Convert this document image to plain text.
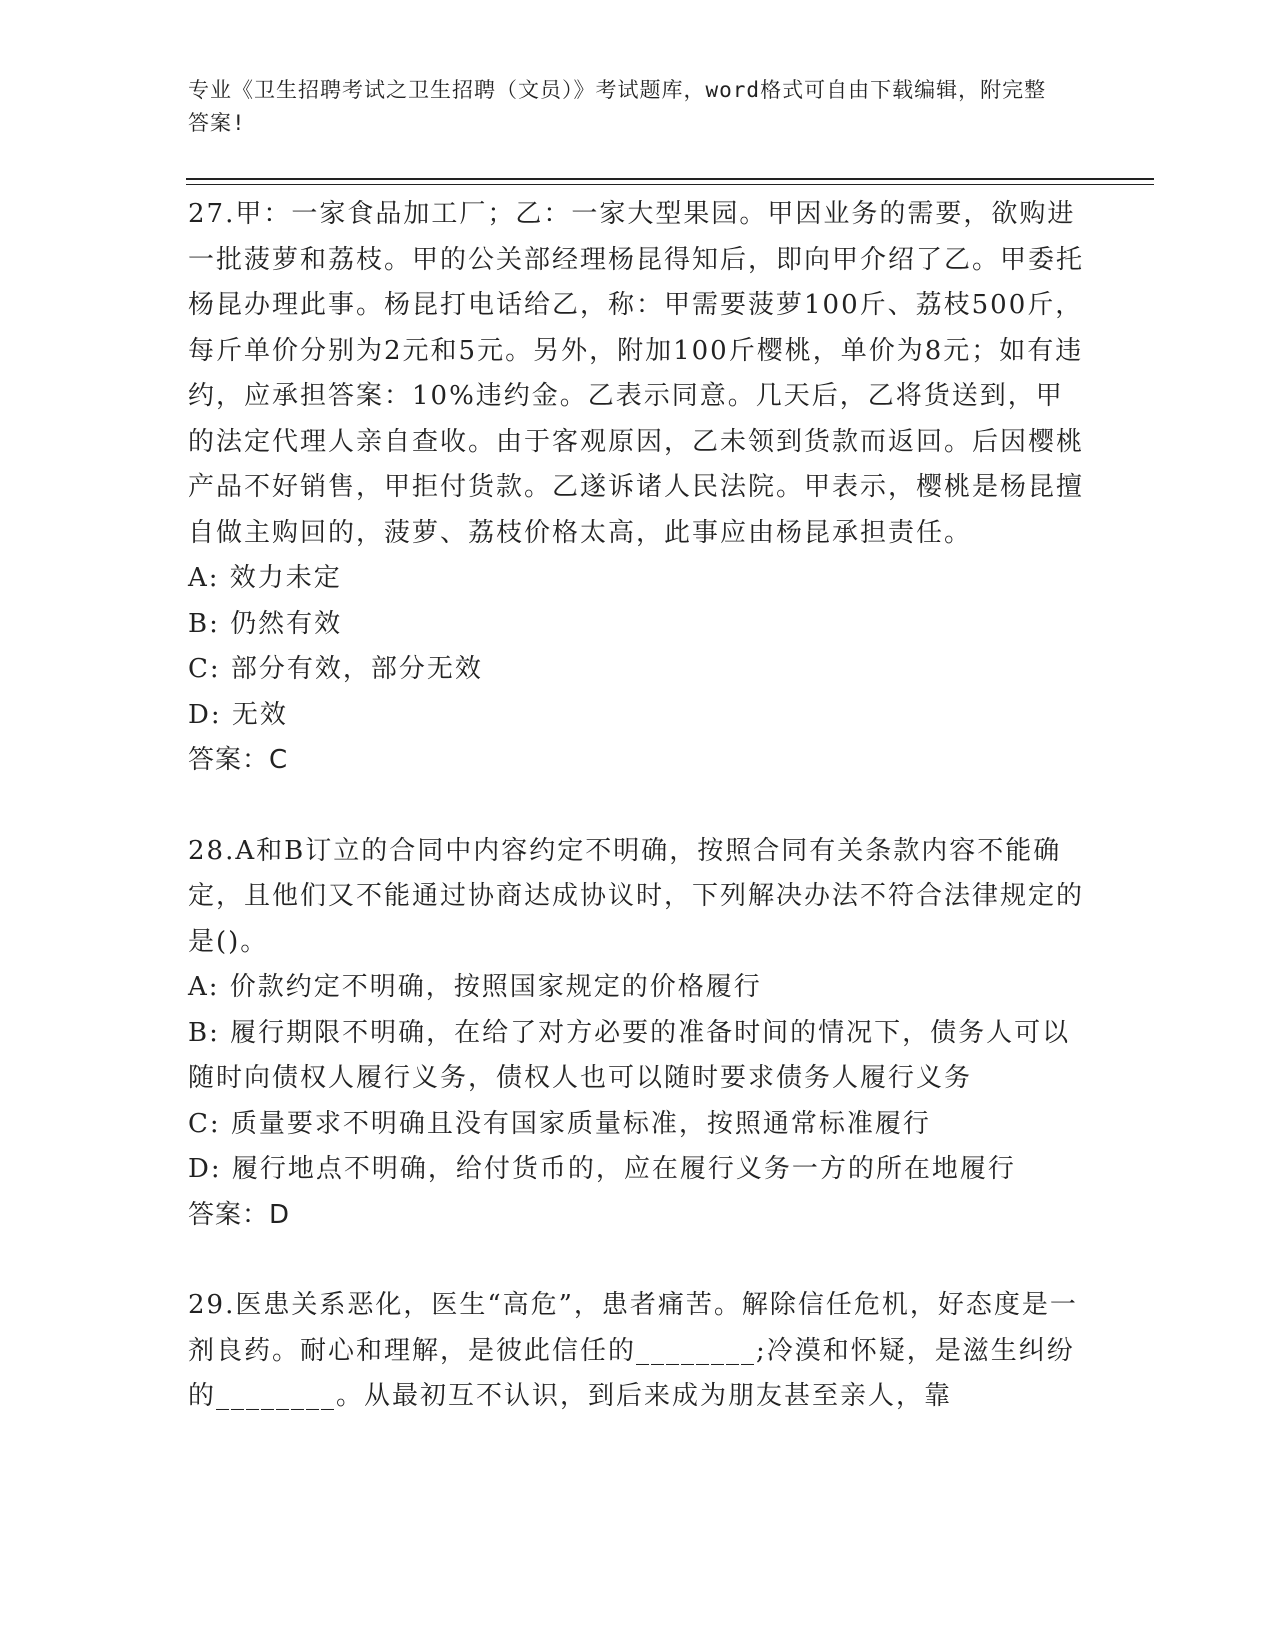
专业《卫生招聘考试之卫生招聘（文员）》考试题库，word格式可自由下载编辑，附完整答案!

27.甲：一家食品加工厂；乙：一家大型果园。甲因业务的需要，欲购进一批菠萝和荔枝。甲的公关部经理杨昆得知后，即向甲介绍了乙。甲委托杨昆办理此事。杨昆打电话给乙，称：甲需要菠萝100斤、荔枝500斤，每斤单价分别为2元和5元。另外，附加100斤樱桃，单价为8元；如有违约，应承担答案：10%违约金。乙表示同意。几天后，乙将货送到，甲的法定代理人亲自查收。由于客观原因，乙未领到货款而返回。后因樱桃产品不好销售，甲拒付货款。乙遂诉诸人民法院。甲表示，樱桃是杨昆擅自做主购回的，菠萝、荔枝价格太高，此事应由杨昆承担责任。

A: 效力未定

B: 仍然有效

C: 部分有效，部分无效

D: 无效

答案：C

28.A和B订立的合同中内容约定不明确，按照合同有关条款内容不能确定，且他们又不能通过协商达成协议时，下列解决办法不符合法律规定的是()。

A: 价款约定不明确，按照国家规定的价格履行

B: 履行期限不明确，在给了对方必要的准备时间的情况下，债务人可以随时向债权人履行义务，债权人也可以随时要求债务人履行义务

C: 质量要求不明确且没有国家质量标准，按照通常标准履行

D: 履行地点不明确，给付货币的，应在履行义务一方的所在地履行

答案：D

29.医患关系恶化，医生“高危”，患者痛苦。解除信任危机，好态度是一剂良药。耐心和理解，是彼此信任的________;冷漠和怀疑，是滋生纠纷的________。从最初互不认识，到后来成为朋友甚至亲人，靠
